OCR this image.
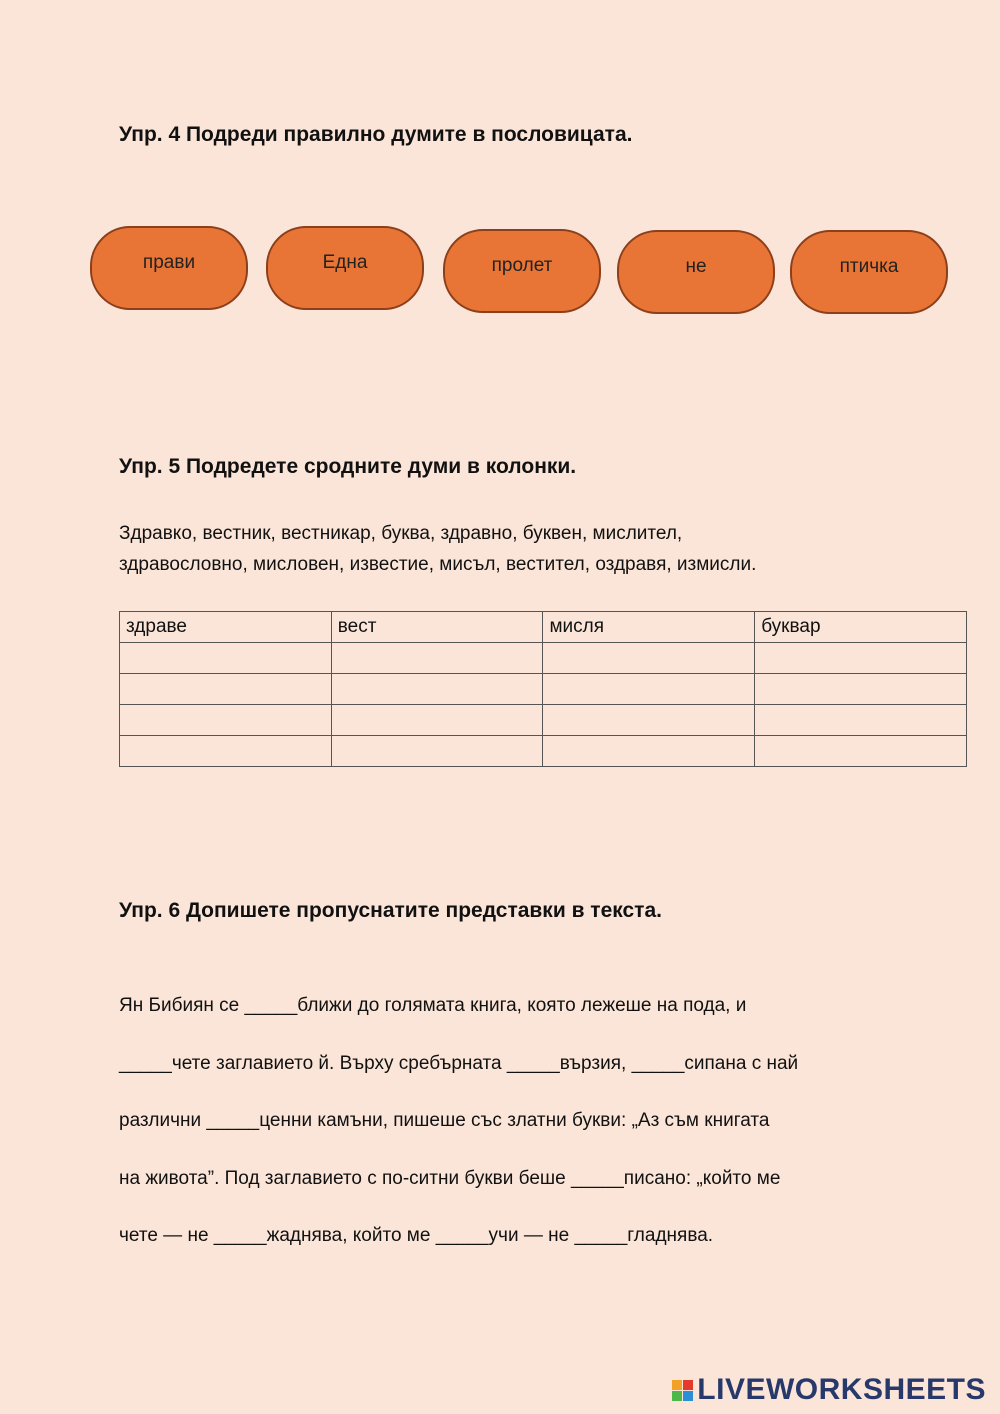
Упр. 4 Подреди правилно думите в пословицата.
прави	Една	пролет	не	птичка
Упр. 5 Подредете сродните думи в колонки.
Здравко, вестник, вестникар, буква, здравно, буквен, мислител,
здравословно, мисловен, известие, мисъл, вестител, оздравя, измисли.
здраве	вест	мисля	буквар

Упр. 6 Допишете пропуснатите представки в текста.

Ян Бибиян се _____ближи до голямата книга, която лежеше на пода, и

_____чете заглавието й. Върху сребърната _____вързия, _____сипана с най

различни _____ценни камъни, пишеше със златни букви: „Аз съм книгата

на живота”. Под заглавието с по-ситни букви беше _____писано: „който ме

чете — не _____жаднява, който ме _____учи — не _____гладнява.

LIVEWORKSHEETS
